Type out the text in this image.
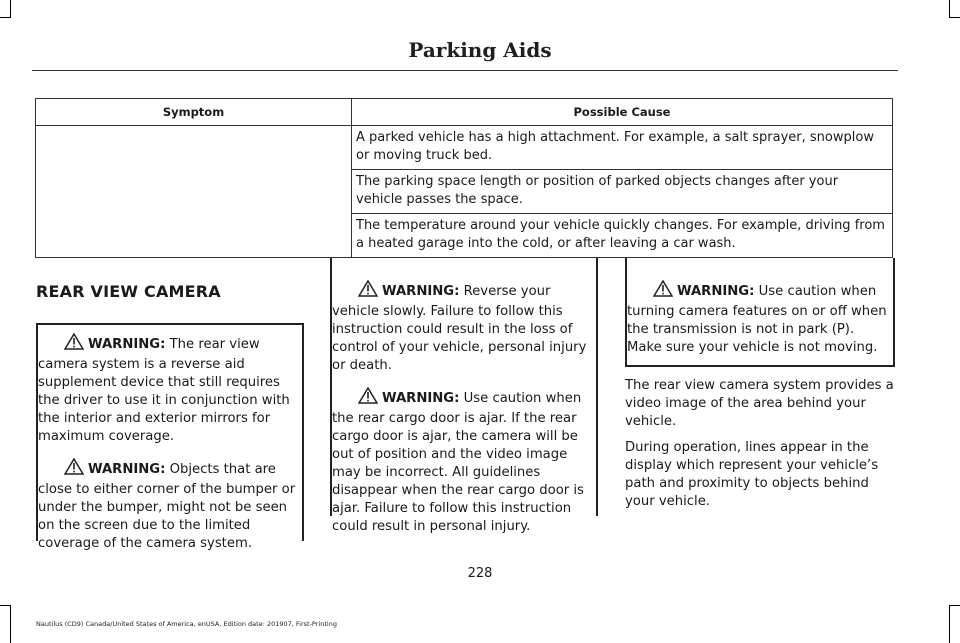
Parking Aids
Symptom	Possible Cause
	A parked vehicle has a high attachment. For example, a salt sprayer, snowplow or moving truck bed.
	The parking space length or position of parked objects changes after your vehicle passes the space.
	The temperature around your vehicle quickly changes. For example, driving from a heated garage into the cold, or after leaving a car wash.
REAR VIEW CAMERA

WARNING: The rear view camera system is a reverse aid supplement device that still requires the driver to use it in conjunction with the interior and exterior mirrors for maximum coverage.

WARNING: Objects that are close to either corner of the bumper or under the bumper, might not be seen on the screen due to the limited coverage of the camera system.

WARNING: Reverse your vehicle slowly. Failure to follow this instruction could result in the loss of control of your vehicle, personal injury or death.

WARNING: Use caution when the rear cargo door is ajar. If the rear cargo door is ajar, the camera will be out of position and the video image may be incorrect. All guidelines disappear when the rear cargo door is ajar. Failure to follow this instruction could result in personal injury.

WARNING: Use caution when turning camera features on or off when the transmission is not in park (P). Make sure your vehicle is not moving.

The rear view camera system provides a video image of the area behind your vehicle.

During operation, lines appear in the display which represent your vehicle’s path and proximity to objects behind your vehicle.

228
Nautilus (CD9) Canada/United States of America, enUSA, Edition date: 201907, First-Printing
